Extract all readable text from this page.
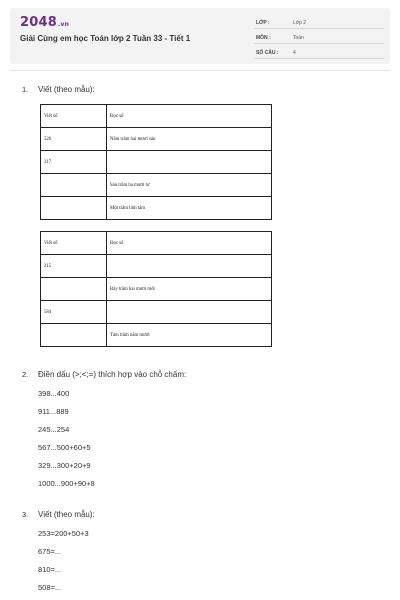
2048.vn
Giải Cùng em học Toán lớp 2 Tuần 33 - Tiết 1
LỚP :	Lớp 2
MÔN :	Toán
SỐ CÂU :	4
1. Viết (theo mẫu):
Viết số	Đọc số
526	Năm trăm hai mươi sáu
317	
	Sáu trăm ba mươi tư
	Một trăm linh tám
Viết số	Đọc số
215	
	Bảy trăm hai mươi mốt
584	
	Tám trăm năm mươi
2. Điền dấu (>;<;=) thích hợp vào chỗ chấm:
398...400
911...889
245...254
567...500+60+5
329...300+20+9
1000...900+90+8
3. Viết (theo mẫu):
253=200+50+3
675=...
810=...
508=...
